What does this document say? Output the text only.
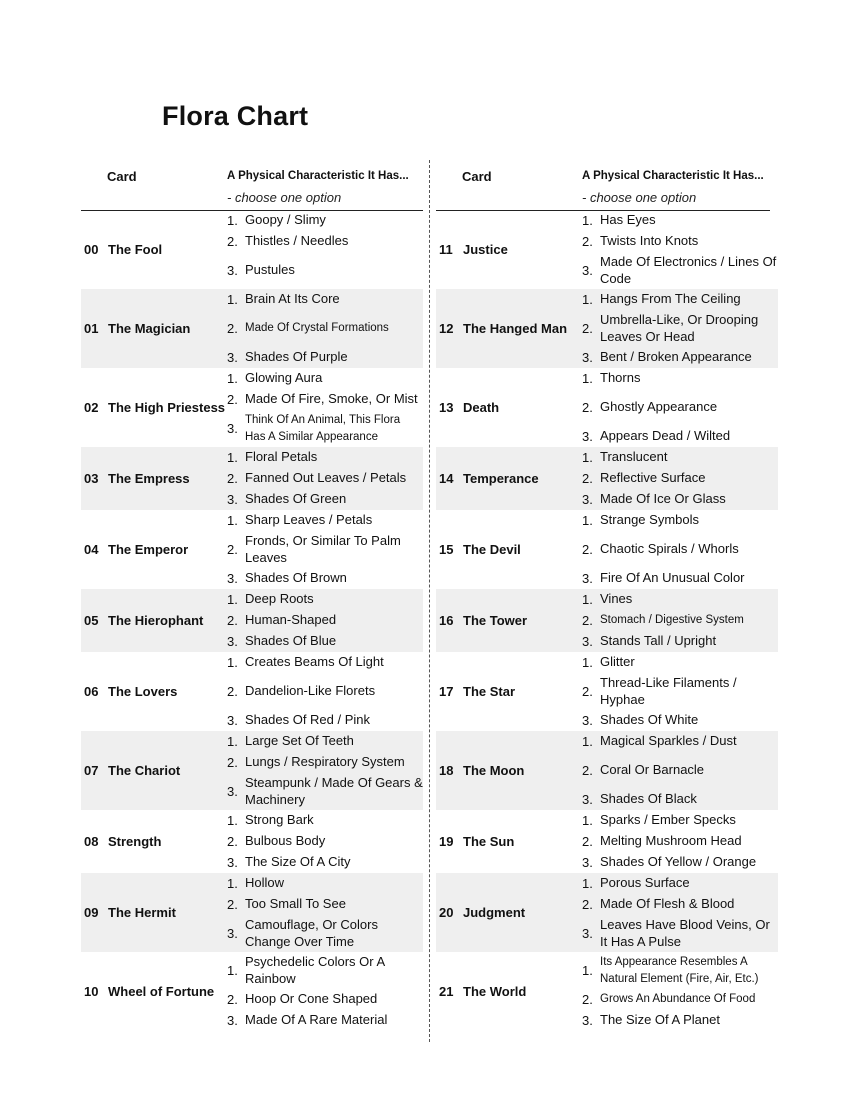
Flora Chart
Card	A Physical Characteristic It Has...
- choose one option
00 The Fool
1. Goopy / Slimy
2. Thistles / Needles
3. Pustules
01 The Magician
1. Brain At Its Core
2. Made Of Crystal Formations
3. Shades Of Purple
02 The High Priestess
1. Glowing Aura
2. Made Of Fire, Smoke, Or Mist
3.
Think Of An Animal, This Flora Has A Similar Appearance
03 The Empress
1. Floral Petals
2. Fanned Out Leaves / Petals
3. Shades Of Green
04 The Emperor
1. Sharp Leaves / Petals
2.
Fronds, Or Similar To Palm Leaves
3. Shades Of Brown
05 The Hierophant
1. Deep Roots
2. Human-Shaped
3. Shades Of Blue
06 The Lovers
1. Creates Beams Of Light
2. Dandelion-Like Florets
3. Shades Of Red / Pink
07 The Chariot
1. Large Set Of Teeth
2. Lungs / Respiratory System
3.
Steampunk / Made Of Gears & Machinery
08 Strength
1. Strong Bark
2. Bulbous Body
3. The Size Of A City
09 The Hermit
1. Hollow
2. Too Small To See
3.
Camouflage, Or Colors Change Over Time
10 Wheel of Fortune
1.
Psychedelic Colors Or A Rainbow
2. Hoop Or Cone Shaped
3. Made Of A Rare Material
Card	A Physical Characteristic It Has...
- choose one option
11 Justice
1. Has Eyes
2. Twists Into Knots
3.
Made Of Electronics / Lines Of Code
12 The Hanged Man
1. Hangs From The Ceiling
2.
Umbrella-Like, Or Drooping Leaves Or Head
3. Bent / Broken Appearance
13 Death
1. Thorns
2. Ghostly Appearance
3. Appears Dead / Wilted
14 Temperance
1. Translucent
2. Reflective Surface
3. Made Of Ice Or Glass
15 The Devil
1. Strange Symbols
2. Chaotic Spirals / Whorls
3. Fire Of An Unusual Color
16 The Tower
1. Vines
2. Stomach / Digestive System
3. Stands Tall / Upright
17 The Star
1. Glitter
2.
Thread-Like Filaments / Hyphae
3. Shades Of White
18 The Moon
1. Magical Sparkles / Dust
2. Coral Or Barnacle
3. Shades Of Black
19 The Sun
1. Sparks / Ember Specks
2. Melting Mushroom Head
3. Shades Of Yellow / Orange
20 Judgment
1. Porous Surface
2. Made Of Flesh & Blood
3.
Leaves Have Blood Veins, Or It Has A Pulse
21 The World
1.
Its Appearance Resembles A Natural Element (Fire, Air, Etc.)
2. Grows An Abundance Of Food
3. The Size Of A Planet
